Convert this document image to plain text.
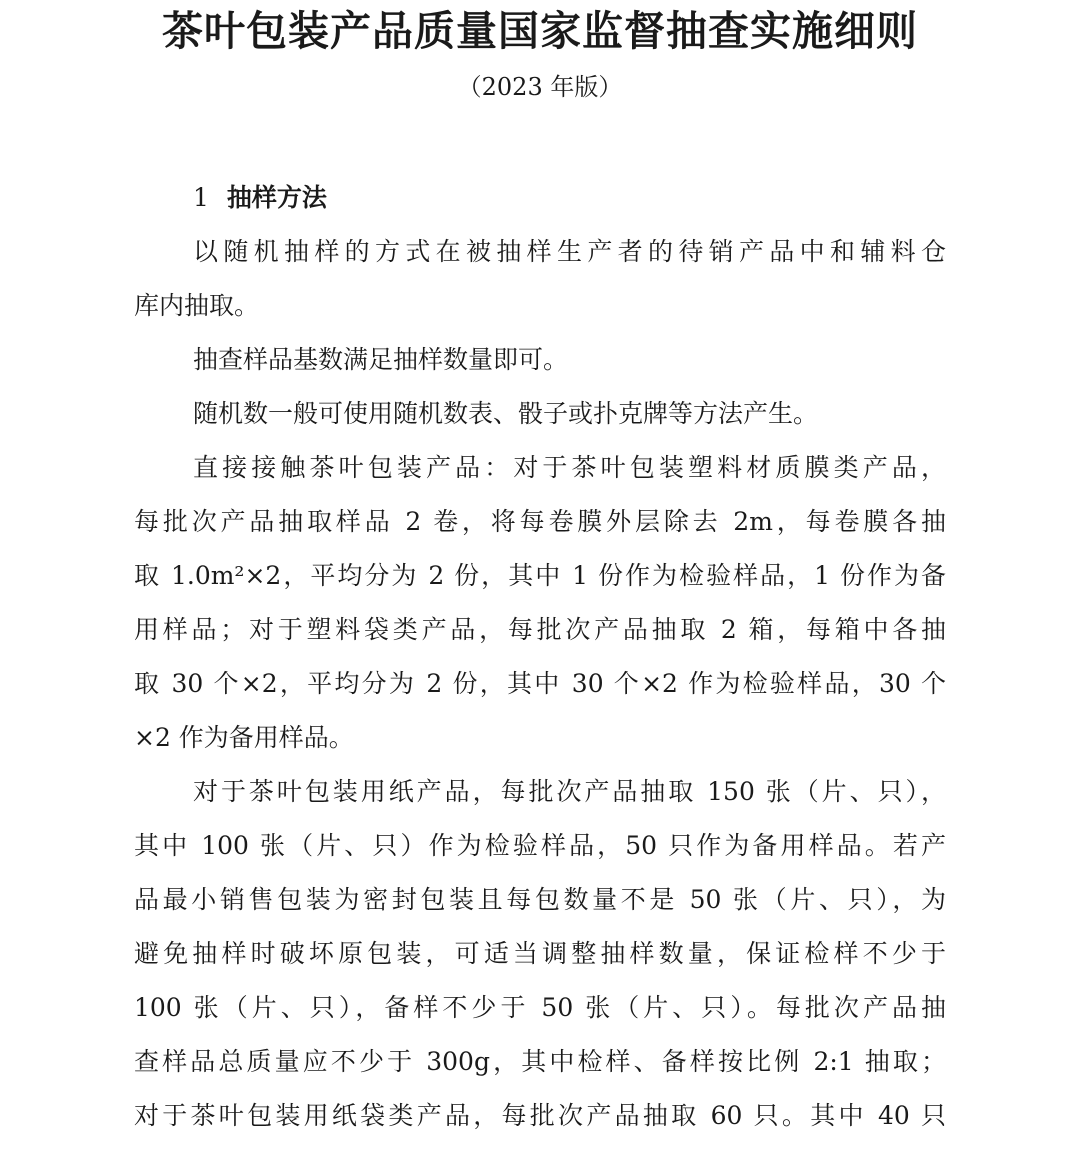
茶叶包装产品质量国家监督抽查实施细则
（2023 年版）
1 抽样方法
以随机抽样的方式在被抽样生产者的待销产品中和辅料仓
库内抽取。
抽查样品基数满足抽样数量即可。
随机数一般可使用随机数表、骰子或扑克牌等方法产生。
直接接触茶叶包装产品：对于茶叶包装塑料材质膜类产品，
每批次产品抽取样品 2 卷，将每卷膜外层除去 2m，每卷膜各抽
取 1.0m²×2，平均分为 2 份，其中 1 份作为检验样品，1 份作为备
用样品；对于塑料袋类产品，每批次产品抽取 2 箱，每箱中各抽
取 30 个×2，平均分为 2 份，其中 30 个×2 作为检验样品，30 个
×2 作为备用样品。
对于茶叶包装用纸产品，每批次产品抽取 150 张（片、只），
其中 100 张（片、只）作为检验样品，50 只作为备用样品。若产
品最小销售包装为密封包装且每包数量不是 50 张（片、只），为
避免抽样时破坏原包装，可适当调整抽样数量，保证检样不少于
100 张（片、只），备样不少于 50 张（片、只）。每批次产品抽
查样品总质量应不少于 300g，其中检样、备样按比例 2:1 抽取；
对于茶叶包装用纸袋类产品，每批次产品抽取 60 只。其中 40 只
